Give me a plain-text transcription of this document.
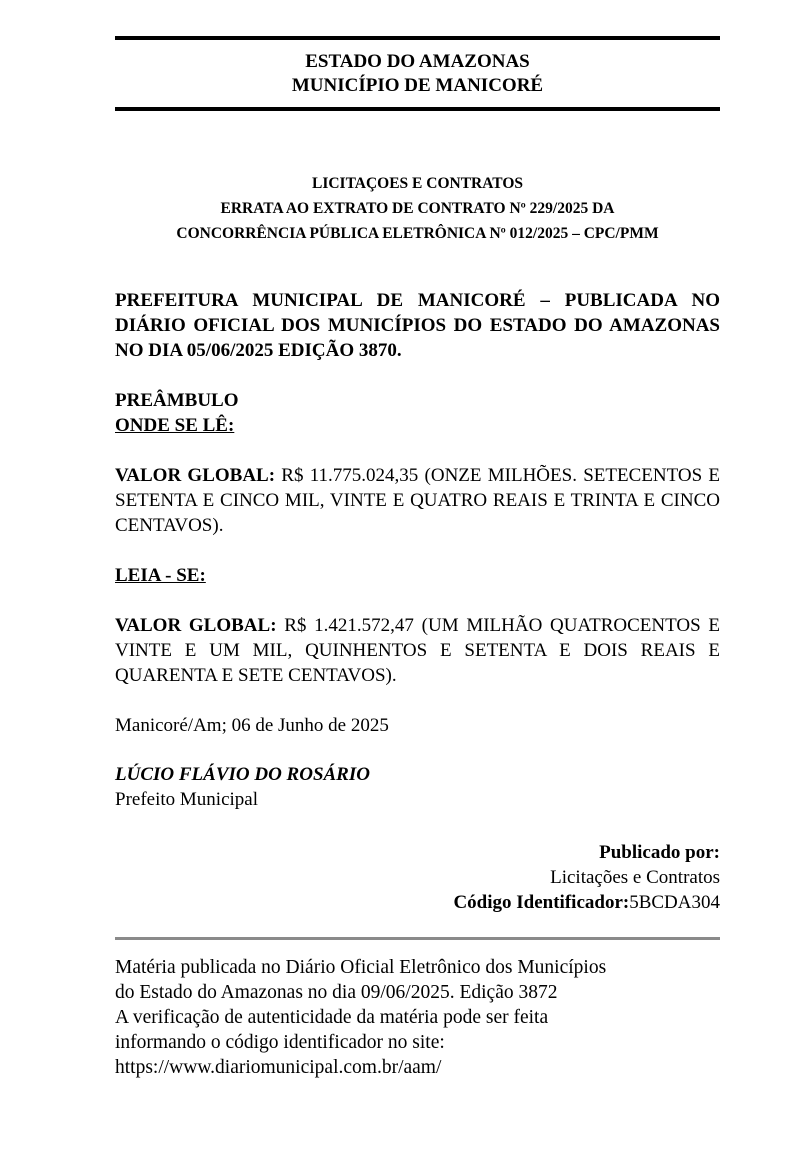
ESTADO DO AMAZONAS
MUNICÍPIO DE MANICORÉ
LICITAÇOES E CONTRATOS
ERRATA AO EXTRATO DE CONTRATO Nº 229/2025 DA
CONCORRÊNCIA PÚBLICA ELETRÔNICA Nº 012/2025 – CPC/PMM
PREFEITURA MUNICIPAL DE MANICORÉ – PUBLICADA NO DIÁRIO OFICIAL DOS MUNICÍPIOS DO ESTADO DO AMAZONAS NO DIA 05/06/2025 EDIÇÃO 3870.
PREÂMBULO
ONDE SE LÊ:
VALOR GLOBAL: R$ 11.775.024,35 (ONZE MILHÕES. SETECENTOS E SETENTA E CINCO MIL, VINTE E QUATRO REAIS E TRINTA E CINCO CENTAVOS).
LEIA - SE:
VALOR GLOBAL: R$ 1.421.572,47 (UM MILHÃO QUATROCENTOS E VINTE E UM MIL, QUINHENTOS E SETENTA E DOIS REAIS E QUARENTA E SETE CENTAVOS).
Manicoré/Am; 06 de Junho de 2025
LÚCIO FLÁVIO DO ROSÁRIO
Prefeito Municipal
Publicado por:
Licitações e Contratos
Código Identificador:5BCDA304
Matéria publicada no Diário Oficial Eletrônico dos Municípios
do Estado do Amazonas no dia 09/06/2025. Edição 3872
A verificação de autenticidade da matéria pode ser feita
informando o código identificador no site:
https://www.diariomunicipal.com.br/aam/
